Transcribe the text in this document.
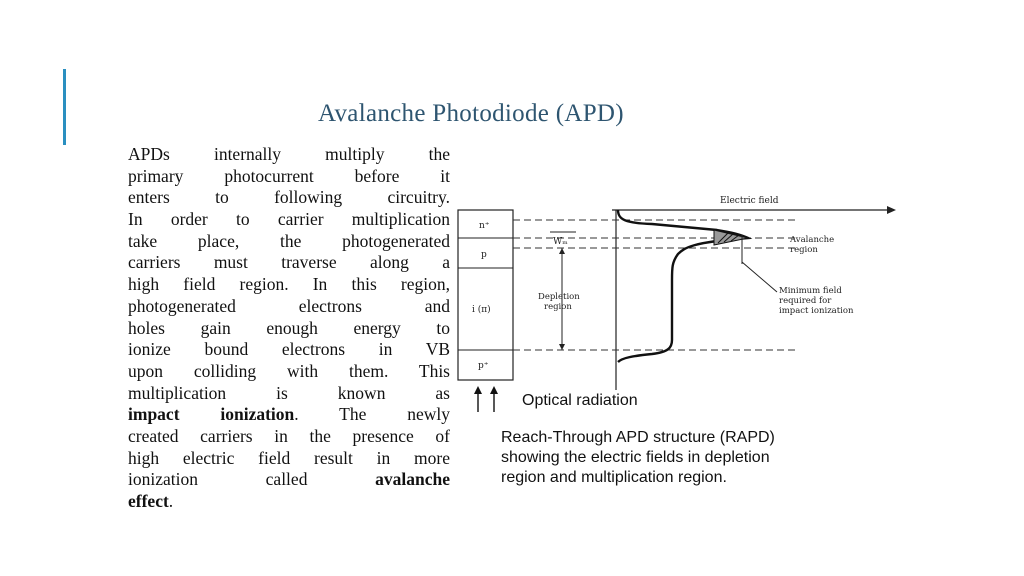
Avalanche Photodiode (APD)
APDs internally multiply the
primary photocurrent before it
enters to following circuitry.
In order to carrier multiplication
take place, the photogenerated
carriers must traverse along a
high field region. In this region,
photogenerated electrons and
holes gain enough energy to
ionize bound electrons in VB
upon colliding with them. This
multiplication is known as
impact ionization. The newly
created carriers in the presence of
high electric field result in more
ionization called avalanche
effect.
n⁺
p
i (π)
p⁺
Electric field
Depletion region
Wₘ	Avalanche region
Minimum field required for impact ionization
Optical radiation
Reach-Through APD structure (RAPD)
showing the electric fields in depletion
region and multiplication region.
